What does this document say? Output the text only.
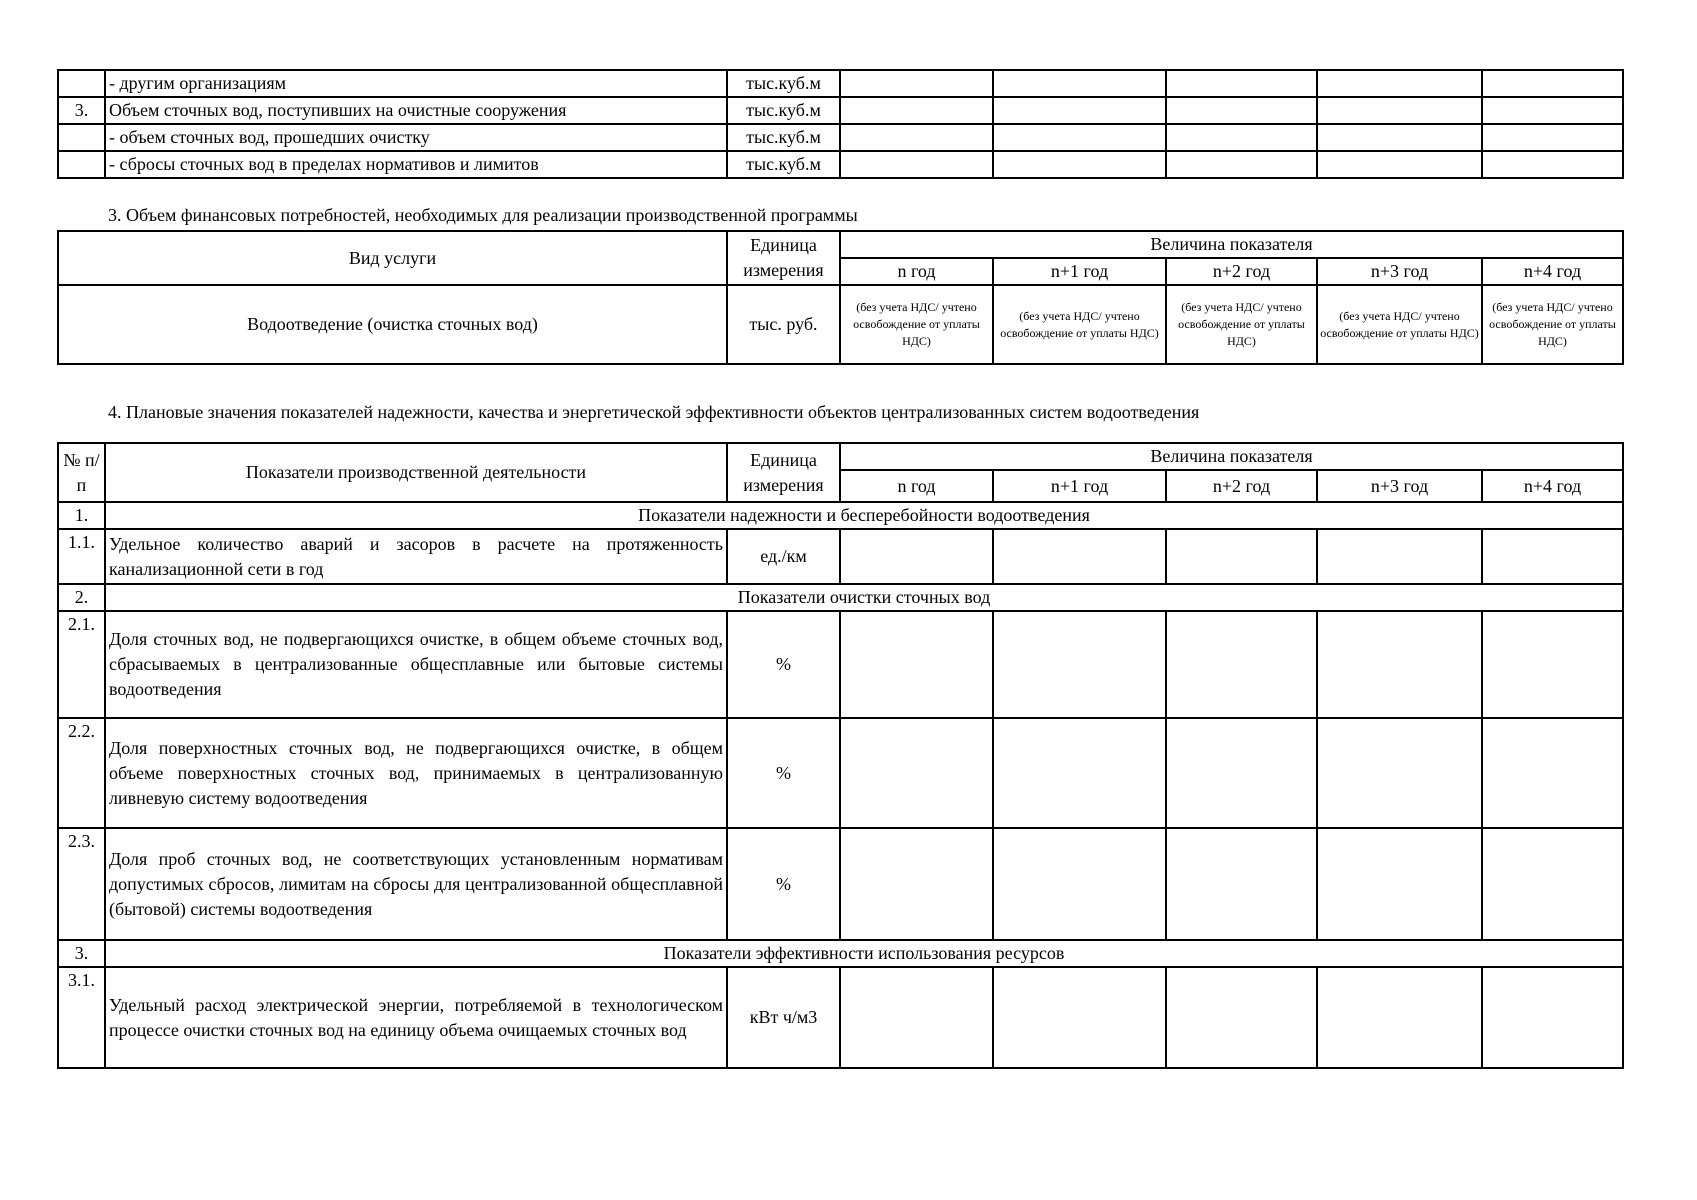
	- другим организациям	тыс.куб.м					
3.	Объем сточных вод, поступивших на очистные сооружения	тыс.куб.м					
	- объем сточных вод, прошедших очистку	тыс.куб.м					
	- сбросы сточных вод в пределах нормативов и лимитов	тыс.куб.м					
3. Объем финансовых потребностей, необходимых для реализации производственной программы
Вид услуги	Единица измерения	Величина показателя				
		n год	n+1 год	n+2 год	n+3 год	n+4 год
Водоотведение (очистка сточных вод)	тыс. руб.	(без учета НДС/ учтено освобождение от уплаты НДС)	(без учета НДС/ учтено освобождение от уплаты НДС)	(без учета НДС/ учтено освобождение от уплаты НДС)	(без учета НДС/ учтено освобождение от уплаты НДС)	(без учета НДС/ учтено освобождение от уплаты НДС)
4. Плановые значения показателей надежности, качества и энергетической эффективности объектов централизованных систем водоотведения
№ п/п	Показатели производственной деятельности	Единица измерения	Величина показателя				
			n год	n+1 год	n+2 год	n+3 год	n+4 год
1.	Показатели надежности и бесперебойности водоотведения						
1.1.	Удельное количество аварий и засоров в расчете на протяженность канализационной сети в год	ед./км					
2.	Показатели очистки сточных вод						
2.1.	Доля сточных вод, не подвергающихся очистке, в общем объеме сточных вод, сбрасываемых в централизованные общесплавные или бытовые системы водоотведения	%					
2.2.	Доля поверхностных сточных вод, не подвергающихся очистке, в общем объеме поверхностных сточных вод, принимаемых в централизованную ливневую систему водоотведения	%					
2.3.	Доля проб сточных вод, не соответствующих установленным нормативам допустимых сбросов, лимитам на сбросы для централизованной общесплавной (бытовой) системы водоотведения	%					
3.	Показатели эффективности использования ресурсов						
3.1.	Удельный расход электрической энергии, потребляемой в технологическом процессе очистки сточных вод на единицу объема очищаемых сточных вод	кВт ч/м3					
